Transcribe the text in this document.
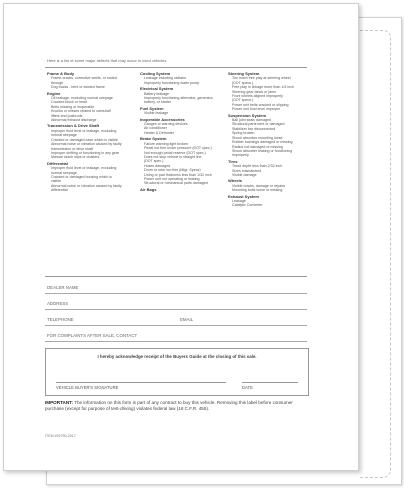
Here is a list of some major defects that may occur in used vehicles
Frame & Body
Frame-cracks, corrective welds, or rusted
through
Dog tracks - bent or twisted frame
Engine
Oil leakage, excluding normal seepage
Cracked block or head
Belts missing or inoperable
Knocks or misses related to camshaft
lifters and pushrods
Abnormal exhaust discharge
Transmission & Drive Shaft
Improper fluid level or leakage, excluding
normal seepage
Cracked or damaged case which is visible
Abnormal noise or vibration caused by faulty
transmission or drive shaft
Improper shifting or functioning in any gear
Manual clutch slips or chatters
Differential
Improper fluid level or leakage, excluding
normal seepage
Cracked or damaged housing which is
visible
Abnormal noise or vibration caused by faulty
differential
Cooling System
Leakage including radiator
Improperly functioning water pump
Electrical System
Battery leakage
Improperly functioning alternator, generator,
battery, or starter
Fuel System
Visible leakage
Inoperable Accessories
Gauges or warning devices
Air conditioner
Heater & Defroster
Brake System
Failure warning light broken
Pedal not firm under pressure (DOT spec.)
Not enough pedal reserve (DOT spec.)
Does not stop vehicle in straight line
(DOT spec.)
Hoses damaged
Drum or rotor too thin (Mfgr. Specs)
Lining or pad thickness less than 1/32 inch
Power unit not operating or leaking
Structural or mechanical parts damaged
Air Bags
Steering System
Too much free play at steering wheel
(DOT specs.)
Free play in linkage more than 1/4 inch
Steering gear binds or jams
Front wheels aligned improperly
(DOT specs.)
Power unit belts cracked or slipping
Power unit fluid level improper
Suspension System
Ball joint seals damaged
Structural parts bent or damaged
Stabilizer bar disconnected
Spring broken
Shock absorber mounting loose
Rubber bushings damaged or missing
Radius rod damaged or missing
Shock absorber leaking or functioning
improperly
Tires
Tread depth less than 2/32 inch
Sizes mismatched
Visible damage
Wheels
Visible cracks, damage or repairs
Mounting bolts loose or missing
Exhaust System
Leakage
Catalytic Converter
DEALER NAME
ADDRESS
TELEPHONE	EMAIL
FOR COMPLAINTS AFTER SALE, CONTACT
I hereby acknowledge receipt of the Buyers Guide at the closing of this sale.
VEHICLE BUYER'S SIGNATURE	DATE
IMPORTANT: The information on this form is part of any contract to buy this vehicle. Removing this label before consumer purchase (except for purpose of test-driving) violates federal law (16 C.F.R. 455).
ITEM #92750-2017
